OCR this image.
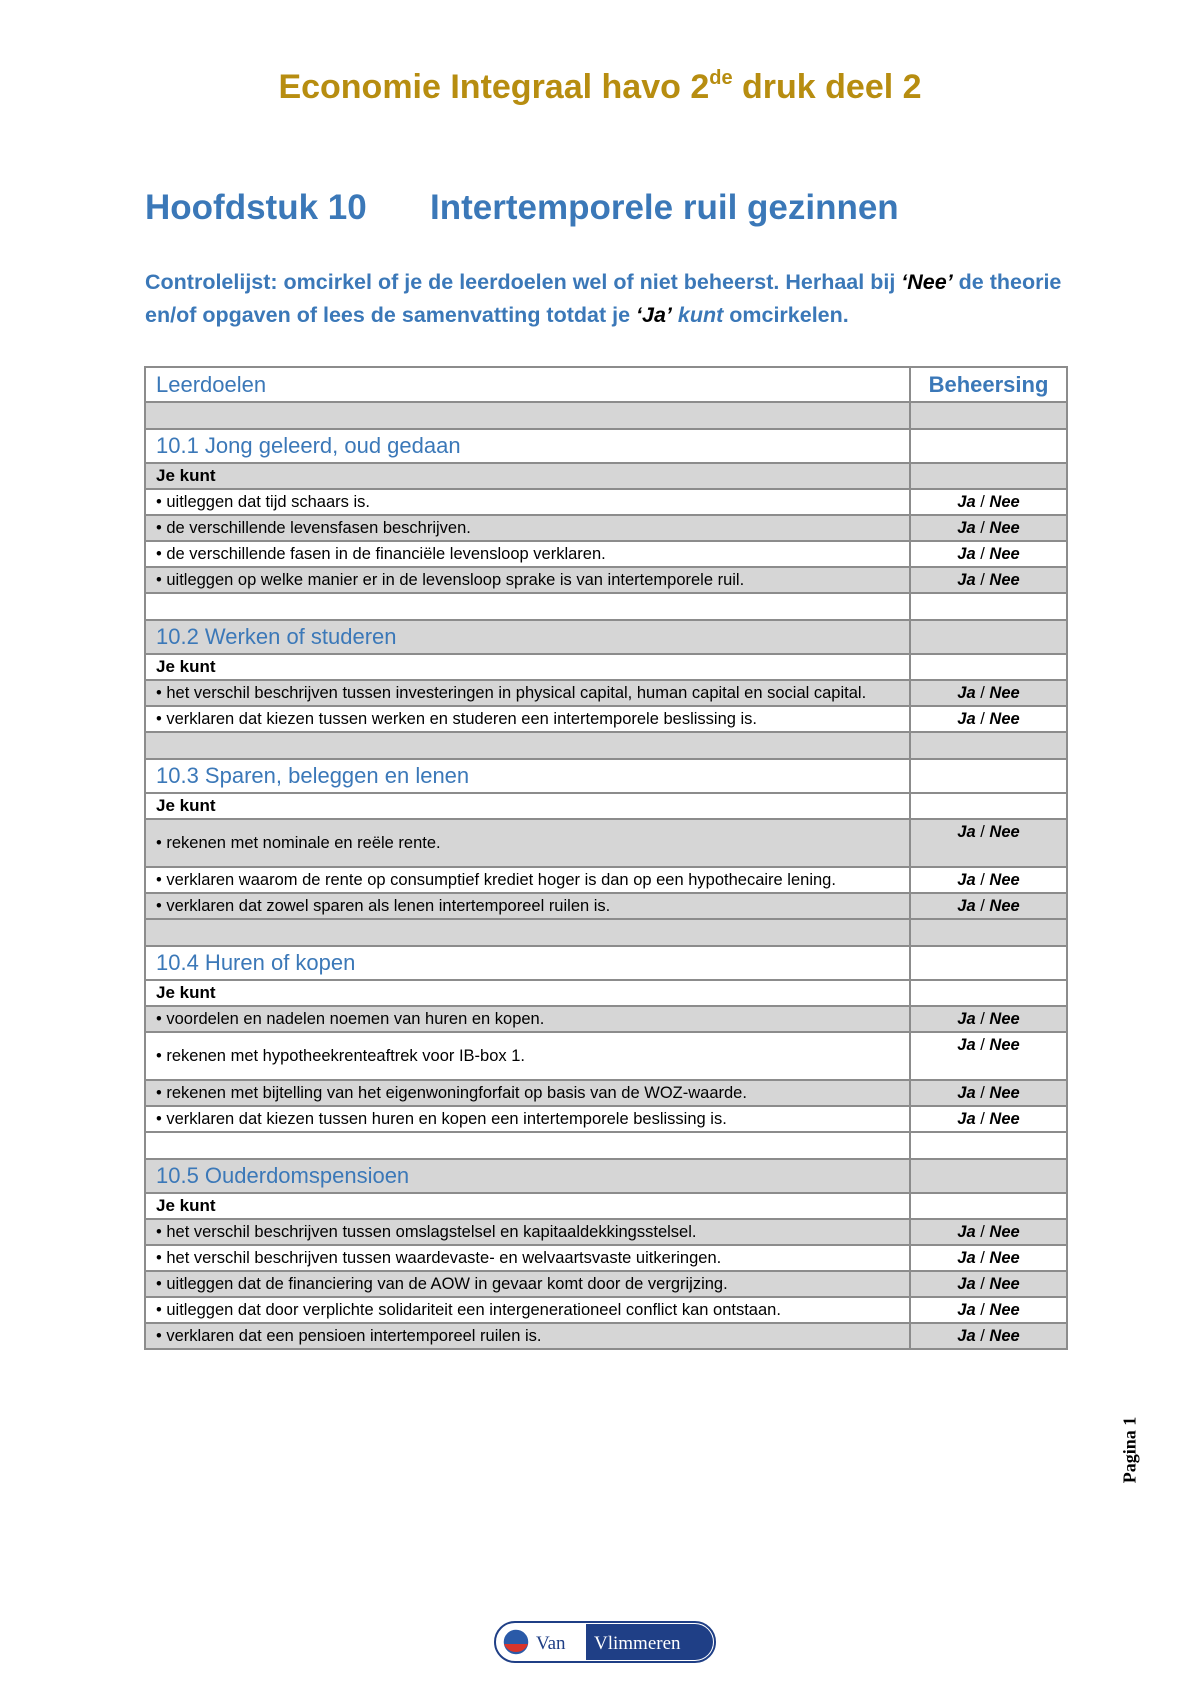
Economie Integraal havo 2de druk deel 2
Hoofdstuk 10 Intertemporele ruil gezinnen

Controlelijst: omcirkel of je de leerdoelen wel of niet beheerst. Herhaal bij ‘Nee’ de theorie en/of opgaven of lees de samenvatting totdat je ‘Ja’ kunt omcirkelen.

Leerdoelen	Beheersing

10.1 Jong geleerd, oud gedaan	
Je kunt	

• uitleggen dat tijd schaars is.	Ja / Nee

• de verschillende levensfasen beschrijven.	Ja / Nee

• de verschillende fasen in de financiële levensloop verklaren.	Ja / Nee

• uitleggen op welke manier er in de levensloop sprake is van intertemporele ruil.	Ja / Nee

10.2 Werken of studeren	
Je kunt	

• het verschil beschrijven tussen investeringen in physical capital, human capital en social capital.	Ja / Nee

• verklaren dat kiezen tussen werken en studeren een intertemporele beslissing is.	Ja / Nee

10.3 Sparen, beleggen en lenen	
Je kunt	

• rekenen met nominale en reële rente.	Ja / Nee

• verklaren waarom de rente op consumptief krediet hoger is dan op een hypothecaire lening.	Ja / Nee

• verklaren dat zowel sparen als lenen intertemporeel ruilen is.	Ja / Nee

10.4 Huren of kopen	
Je kunt	

• voordelen en nadelen noemen van huren en kopen.	Ja / Nee

• rekenen met hypotheekrenteaftrek voor IB-box 1.	Ja / Nee

• rekenen met bijtelling van het eigenwoningforfait op basis van de WOZ-waarde.	Ja / Nee

• verklaren dat kiezen tussen huren en kopen een intertemporele beslissing is.	Ja / Nee

10.5 Ouderdomspensioen	
Je kunt	

• het verschil beschrijven tussen omslagstelsel en kapitaaldekkingsstelsel.	Ja / Nee

• het verschil beschrijven tussen waardevaste- en welvaartsvaste uitkeringen.	Ja / Nee

• uitleggen dat de financiering van de AOW in gevaar komt door de vergrijzing.	Ja / Nee

• uitleggen dat door verplichte solidariteit een intergenerationeel conflict kan ontstaan.	Ja / Nee

• verklaren dat een pensioen intertemporeel ruilen is.	Ja / Nee

Pagina 1

Van Vlimmeren
